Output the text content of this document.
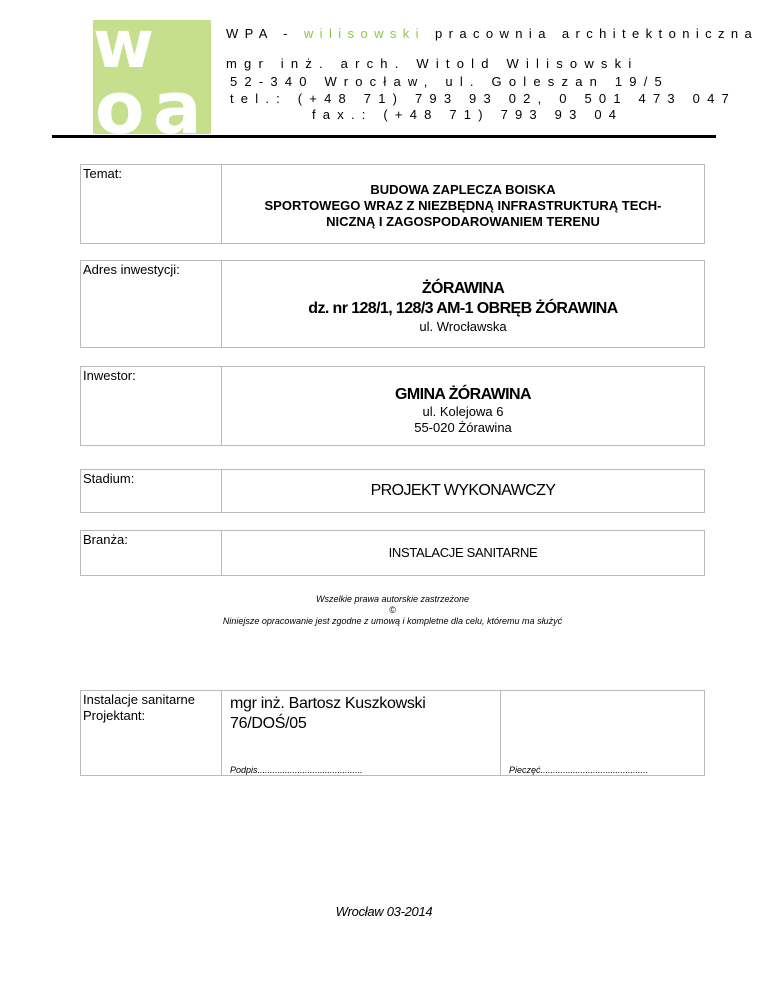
w
o a
WPA - wilisowski pracownia architektoniczna
mgr inż. arch. Witold Wilisowski
52-340 Wrocław, ul. Goleszan 19/5
tel.: (+48 71) 793 93 02, 0 501 473 047
fax.: (+48 71) 793 93 04
Temat:
BUDOWA ZAPLECZA BOISKA
SPORTOWEGO WRAZ Z NIEZBĘDNĄ INFRASTRUKTURĄ TECH-
NICZNĄ I ZAGOSPODAROWANIEM TERENU
Adres inwestycji:
ŻÓRAWINA
dz. nr 128/1, 128/3 AM-1 OBRĘB ŻÓRAWINA
ul. Wrocławska
Inwestor:
GMINA ŻÓRAWINA
ul. Kolejowa 6
55-020 Żórawina
Stadium:
PROJEKT WYKONAWCZY
Branża:
INSTALACJE SANITARNE
Wszelkie prawa autorskie zastrzeżone
©
Niniejsze opracowanie jest zgodne z umową i kompletne dla celu, któremu ma służyć
Instalacje sanitarne
Projektant:
mgr inż. Bartosz Kuszkowski
76/DOŚ/05
Podpis..........................................	Pieczęć...........................................
Wrocław 03-2014
